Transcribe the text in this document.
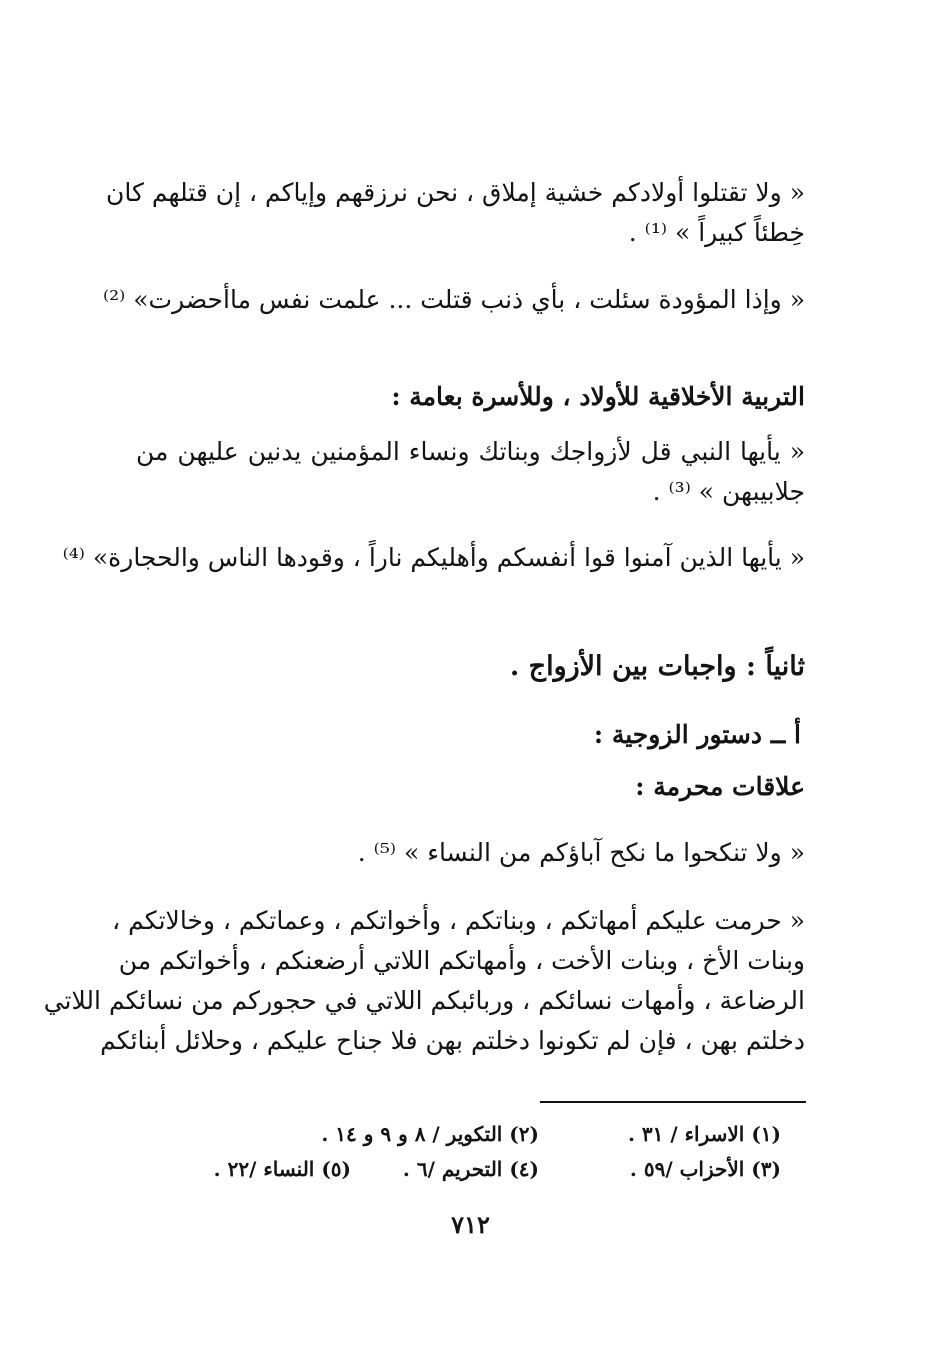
« ولا تقتلوا أولادكم خشية إملاق ، نحن نرزقهم وإياكم ، إن قتلهم كان
خِطئاً كبيراً » ⁽¹⁾ .
« وإذا المؤودة سئلت ، بأي ذنب قتلت ... علمت نفس ماأحضرت» ⁽²⁾
التربية الأخلاقية للأولاد ، وللأسرة بعامة :
« يأيها النبي قل لأزواجك وبناتك ونساء المؤمنين يدنين عليهن من
جلابيبهن » ⁽³⁾ .
« يأيها الذين آمنوا قوا أنفسكم وأهليكم ناراً ، وقودها الناس والحجارة» ⁽⁴⁾
ثانياً : واجبات بين الأزواج .
أ ــ دستور الزوجية :
علاقات محرمة :
« ولا تنكحوا ما نكح آباؤكم من النساء » ⁽⁵⁾ .
« حرمت عليكم أمهاتكم ، وبناتكم ، وأخواتكم ، وعماتكم ، وخالاتكم ،
وبنات الأخ ، وبنات الأخت ، وأمهاتكم اللاتي أرضعنكم ، وأخواتكم من
الرضاعة ، وأمهات نسائكم ، وربائبكم اللاتي في حجوركم من نسائكم اللاتي
دخلتم بهن ، فإن لم تكونوا دخلتم بهن فلا جناح عليكم ، وحلائل أبنائكم
(١) الاسراء / ٣١ .
(٢) التكوير / ٨ و ٩ و ١٤ .
(٣) الأحزاب /٥٩ .
(٤) التحريم /٦ .
(٥) النساء /٢٢ .
٧١٢
